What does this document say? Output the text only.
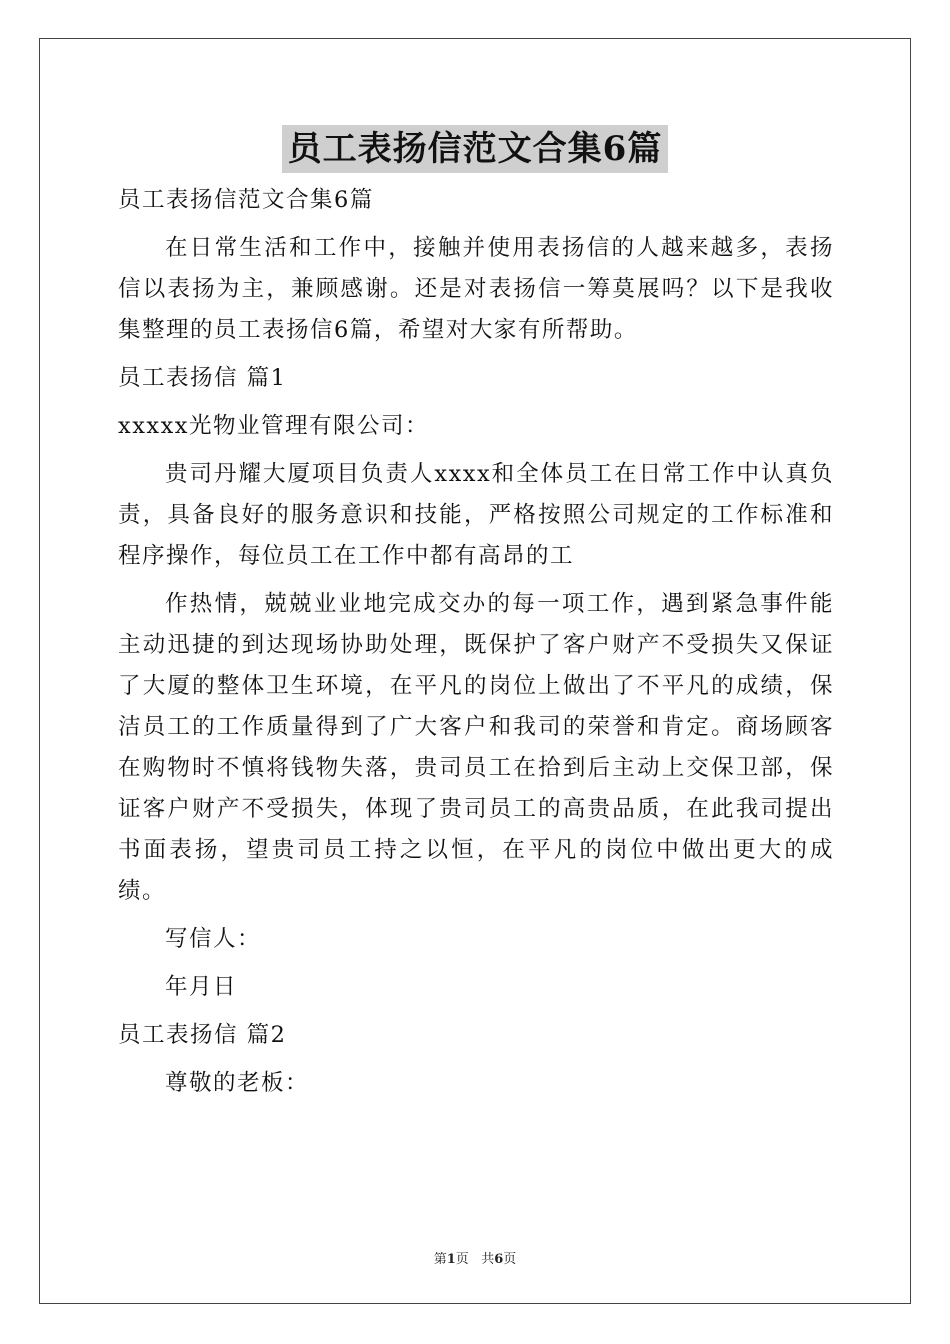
员工表扬信范文合集6篇

员工表扬信范文合集6篇

在日常生活和工作中，接触并使用表扬信的人越来越多，表扬信以表扬为主，兼顾感谢。还是对表扬信一筹莫展吗？以下是我收集整理的员工表扬信6篇，希望对大家有所帮助。

员工表扬信 篇1

xxxxx光物业管理有限公司：

贵司丹耀大厦项目负责人xxxx和全体员工在日常工作中认真负责，具备良好的服务意识和技能，严格按照公司规定的工作标准和程序操作，每位员工在工作中都有高昂的工

作热情，兢兢业业地完成交办的每一项工作，遇到紧急事件能主动迅捷的到达现场协助处理，既保护了客户财产不受损失又保证了大厦的整体卫生环境，在平凡的岗位上做出了不平凡的成绩，保洁员工的工作质量得到了广大客户和我司的荣誉和肯定。商场顾客在购物时不慎将钱物失落，贵司员工在拾到后主动上交保卫部，保证客户财产不受损失，体现了贵司员工的高贵品质，在此我司提出书面表扬，望贵司员工持之以恒，在平凡的岗位中做出更大的成绩。

写信人：

年月日

员工表扬信 篇2

尊敬的老板：

第1页 共6页
